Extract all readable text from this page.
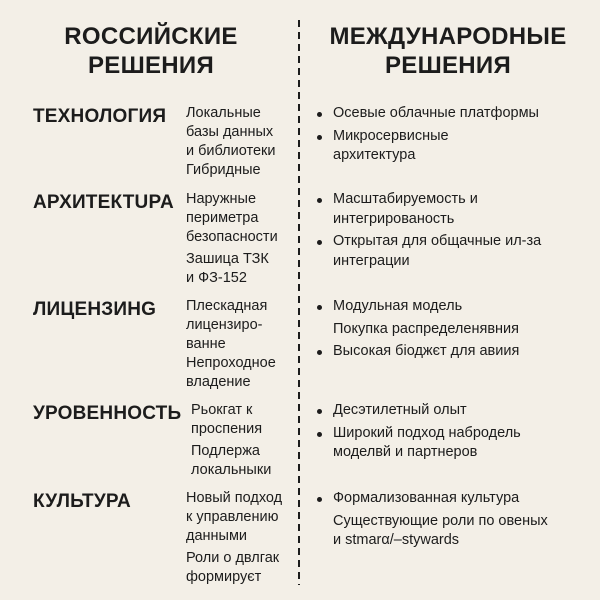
ROССИЙСКИЕ
РЕШЕНИЯ
МЕЖДУНАРОDНЫЕ
РЕШЕНИЯ
ТЕХНОЛОГИЯ Локальные
базы данных
и библиотеки
Гибридные
Осевые облачные платформы
Микросервисные
архитектура
АРХИТЕКТUPA Наружные
периметра
безопасности
Зашицa ТЗК
и ФЗ-152
Масштабируемость и
интегрированость
Открытая для общачные ил-за
интеграции
ЛИЦЕНЗИНG Плескадная
лицензиро-
ванне
Непроходное
владение
Модульная модель
Покупка распределенявния
Высокая біоджєт для авиия
УРОВЕННОСТЬ Рьокгат к
проспения
Подлержа
локальныки
Десэтилетный олыт
Широкий подход набродель
моделвй и партнеров
КУЛЬТУРА	Новый подход
к управлению
данными
Роли о двлгак
формируєт
Формализованная культура
Существующие роли по овеных
и stmarα/–stywards
